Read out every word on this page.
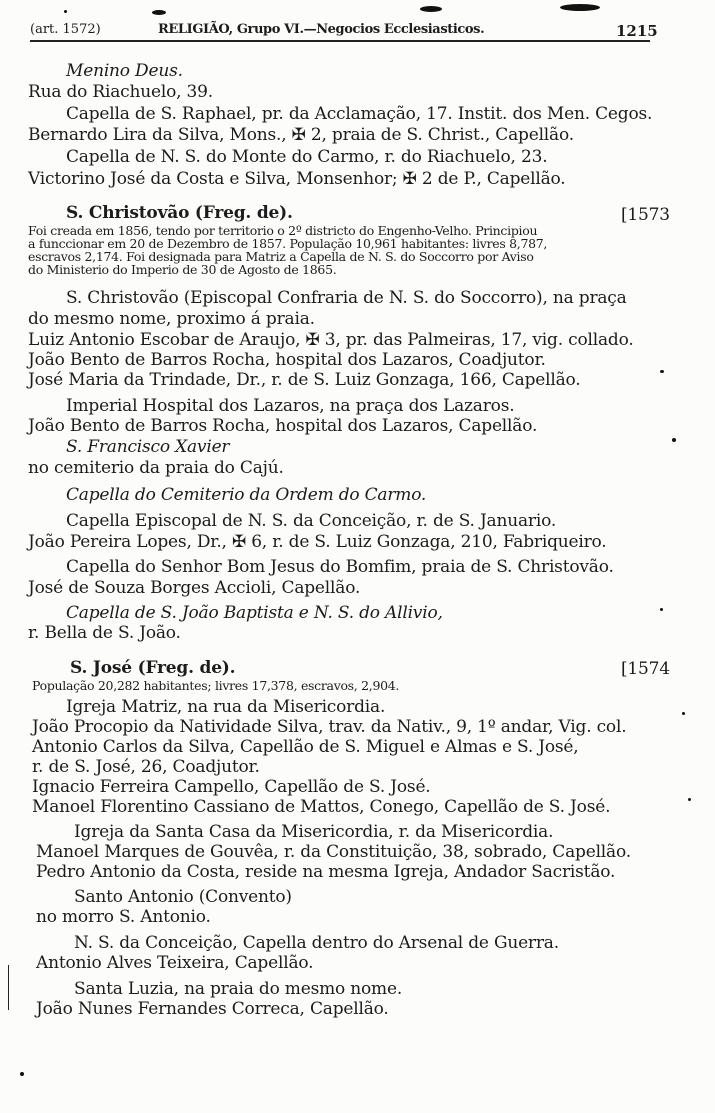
(art. 1572)	RELIGIÃO, Grupo VI.—Negocios Ecclesiasticos.	1215
Menino Deus.
Rua do Riachuelo, 39.
Capella de S. Raphael, pr. da Acclamação, 17. Instit. dos Men. Cegos.
Bernardo Lira da Silva, Mons., ✠ 2, praia de S. Christ., Capellão.
Capella de N. S. do Monte do Carmo, r. do Riachuelo, 23.
Victorino José da Costa e Silva, Monsenhor; ✠ 2 de P., Capellão.
S. Christovão (Freg. de).	[1573
Foi creada em 1856, tendo por territorio o 2º districto do Engenho-Velho. Principiou
a funccionar em 20 de Dezembro de 1857. População 10,961 habitantes: livres 8,787,
escravos 2,174. Foi designada para Matriz a Capella de N. S. do Soccorro por Aviso
do Ministerio do Imperio de 30 de Agosto de 1865.
S. Christovão (Episcopal Confraria de N. S. do Soccorro), na praça
do mesmo nome, proximo á praia.
Luiz Antonio Escobar de Araujo, ✠ 3, pr. das Palmeiras, 17, vig. collado.
João Bento de Barros Rocha, hospital dos Lazaros, Coadjutor.
José Maria da Trindade, Dr., r. de S. Luiz Gonzaga, 166, Capellão.
Imperial Hospital dos Lazaros, na praça dos Lazaros.
João Bento de Barros Rocha, hospital dos Lazaros, Capellão.
S. Francisco Xavier
no cemiterio da praia do Cajú.
Capella do Cemiterio da Ordem do Carmo.
Capella Episcopal de N. S. da Conceição, r. de S. Januario.
João Pereira Lopes, Dr., ✠ 6, r. de S. Luiz Gonzaga, 210, Fabriqueiro.
Capella do Senhor Bom Jesus do Bomfim, praia de S. Christovão.
José de Souza Borges Accioli, Capellão.
Capella de S. João Baptista e N. S. do Allivio,
r. Bella de S. João.
S. José (Freg. de).	[1574
População 20,282 habitantes; livres 17,378, escravos, 2,904.
Igreja Matriz, na rua da Misericordia.
João Procopio da Natividade Silva, trav. da Nativ., 9, 1º andar, Vig. col.
Antonio Carlos da Silva, Capellão de S. Miguel e Almas e S. José,
r. de S. José, 26, Coadjutor.
Ignacio Ferreira Campello, Capellão de S. José.
Manoel Florentino Cassiano de Mattos, Conego, Capellão de S. José.
Igreja da Santa Casa da Misericordia, r. da Misericordia.
Manoel Marques de Gouvêa, r. da Constituição, 38, sobrado, Capellão.
Pedro Antonio da Costa, reside na mesma Igreja, Andador Sacristão.
Santo Antonio (Convento)
no morro S. Antonio.
N. S. da Conceição, Capella dentro do Arsenal de Guerra.
Antonio Alves Teixeira, Capellão.
Santa Luzia, na praia do mesmo nome.
João Nunes Fernandes Correca, Capellão.
